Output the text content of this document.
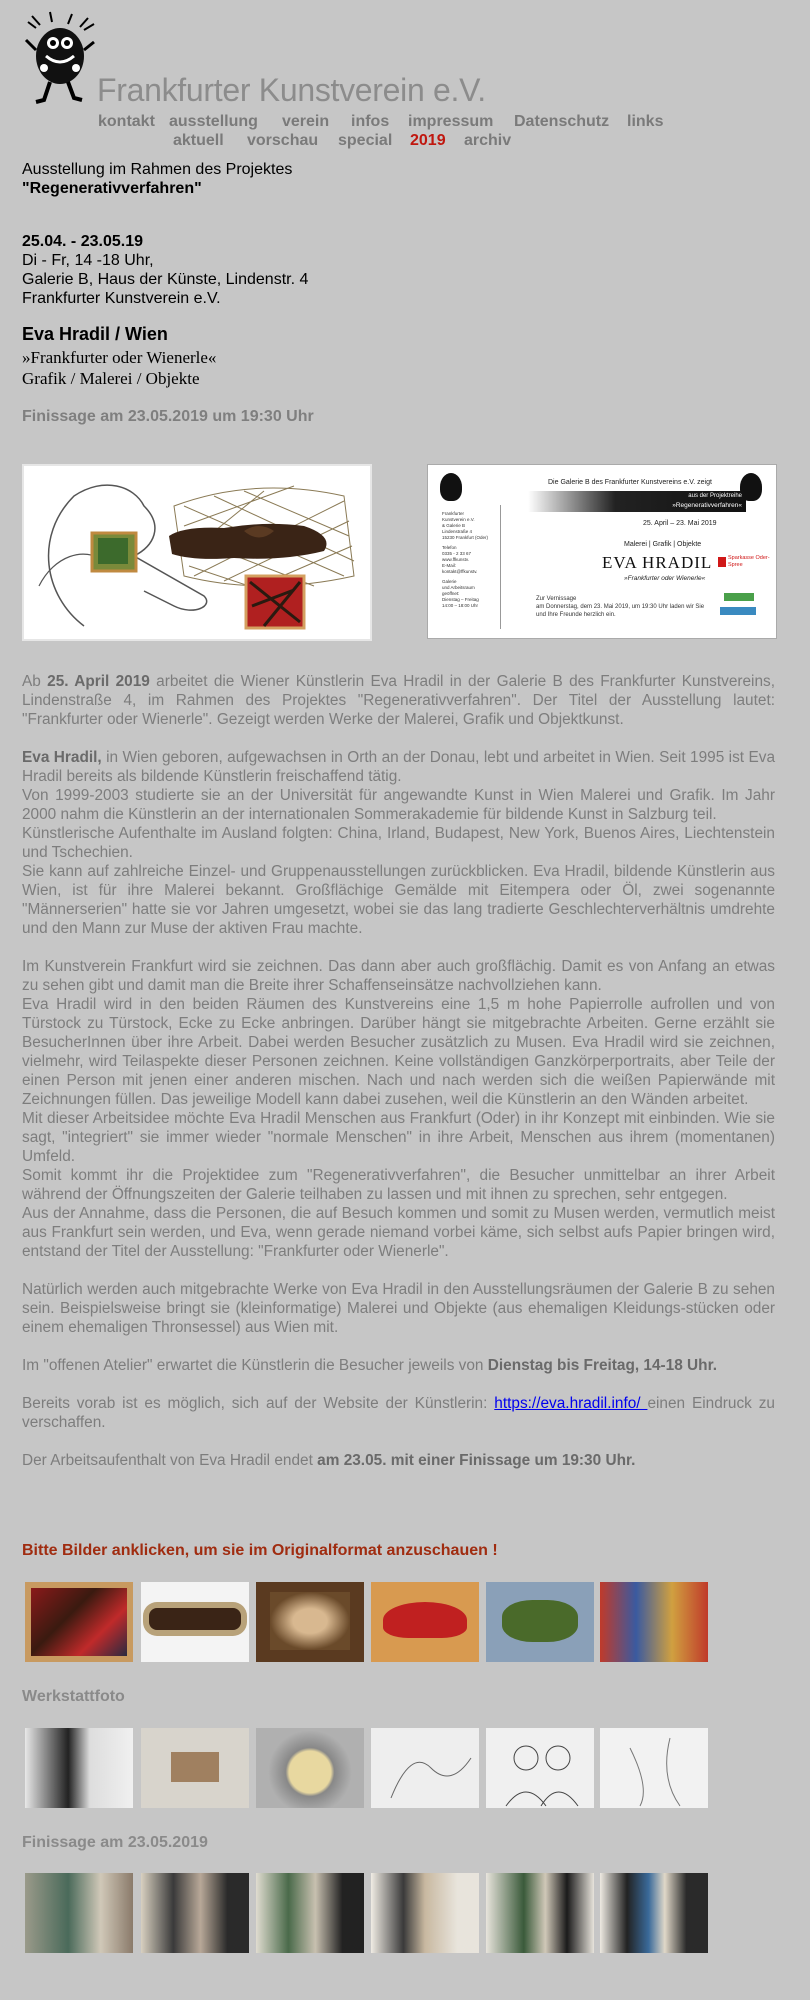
Frankfurter Kunstverein e.V.
kontakt ausstellung verein infos impressum Datenschutz links
aktuell vorschau special 2019 archiv
Ausstellung im Rahmen des Projektes
"Regenerativverfahren"
25.04. - 23.05.19
Di - Fr, 14 -18 Uhr,
Galerie B, Haus der Künste, Lindenstr. 4
Frankfurter Kunstverein e.V.
Eva Hradil / Wien
»Frankfurter oder Wienerle«
Grafik / Malerei / Objekte
Finissage am 23.05.2019 um 19:30 Uhr
Die Galerie B des Frankfurter Kunstvereins e.V. zeigt
aus der Projektreihe
»Regenerativverfahren«
25. April – 23. Mai 2019
Malerei | Grafik | Objekte
EVA HRADIL
»Frankfurter oder Wienerle«
Frankfurter
Kunstverein e.V.
& Galerie B
Lindenstraße 4
15230 Frankfurt (Oder)
Telefon
0335 - 2 33 67
www.ffkunstv.
E-Mail:
kontakt@ffkunstv.
Galerie
und Arbeitsraum
geöffnet:
Dienstag – Freitag
14:00 – 18:00 Uhr
Zur Vernissage
am Donnerstag, dem 23. Mai 2019, um 19:30 Uhr laden wir Sie
und Ihre Freunde herzlich ein.
Sparkasse Oder-Spree

Ab 25. April 2019 arbeitet die Wiener Künstlerin Eva Hradil in der Galerie B des Frankfurter Kunstvereins, Lindenstraße 4, im Rahmen des Projektes "Regenerativverfahren". Der Titel der Ausstellung lautet: "Frankfurter oder Wienerle". Gezeigt werden Werke der Malerei, Grafik und Objektkunst.

Eva Hradil, in Wien geboren, aufgewachsen in Orth an der Donau, lebt und arbeitet in Wien. Seit 1995 ist Eva Hradil bereits als bildende Künstlerin freischaffend tätig.

Von 1999-2003 studierte sie an der Universität für angewandte Kunst in Wien Malerei und Grafik. Im Jahr 2000 nahm die Künstlerin an der internationalen Sommerakademie für bildende Kunst in Salzburg teil.

Künstlerische Aufenthalte im Ausland folgten: China, Irland, Budapest, New York, Buenos Aires, Liechtenstein und Tschechien.

Sie kann auf zahlreiche Einzel- und Gruppenausstellungen zurückblicken. Eva Hradil, bildende Künstlerin aus Wien, ist für ihre Malerei bekannt. Großflächige Gemälde mit Eitempera oder Öl, zwei sogenannte "Männerserien" hatte sie vor Jahren umgesetzt, wobei sie das lang tradierte Geschlechterverhältnis umdrehte und den Mann zur Muse der aktiven Frau machte.

Im Kunstverein Frankfurt wird sie zeichnen. Das dann aber auch großflächig. Damit es von Anfang an etwas zu sehen gibt und damit man die Breite ihrer Schaffenseinsätze nachvollziehen kann.

Eva Hradil wird in den beiden Räumen des Kunstvereins eine 1,5 m hohe Papierrolle aufrollen und von Türstock zu Türstock, Ecke zu Ecke anbringen. Darüber hängt sie mitgebrachte Arbeiten. Gerne erzählt sie BesucherInnen über ihre Arbeit. Dabei werden Besucher zusätzlich zu Musen. Eva Hradil wird sie zeichnen, vielmehr, wird Teilaspekte dieser Personen zeichnen. Keine vollständigen Ganzkörperportraits, aber Teile der einen Person mit jenen einer anderen mischen. Nach und nach werden sich die weißen Papierwände mit Zeichnungen füllen. Das jeweilige Modell kann dabei zusehen, weil die Künstlerin an den Wänden arbeitet.

Mit dieser Arbeitsidee möchte Eva Hradil Menschen aus Frankfurt (Oder) in ihr Konzept mit einbinden. Wie sie sagt, "integriert" sie immer wieder "normale Menschen" in ihre Arbeit, Menschen aus ihrem (momentanen) Umfeld.

Somit kommt ihr die Projektidee zum "Regenerativverfahren", die Besucher unmittelbar an ihrer Arbeit während der Öffnungszeiten der Galerie teilhaben zu lassen und mit ihnen zu sprechen, sehr entgegen.

Aus der Annahme, dass die Personen, die auf Besuch kommen und somit zu Musen werden, vermutlich meist aus Frankfurt sein werden, und Eva, wenn gerade niemand vorbei käme, sich selbst aufs Papier bringen wird, entstand der Titel der Ausstellung: "Frankfurter oder Wienerle".

Natürlich werden auch mitgebrachte Werke von Eva Hradil in den Ausstellungsräumen der Galerie B zu sehen sein. Beispielsweise bringt sie (kleinformatige) Malerei und Objekte (aus ehemaligen Kleidungs-stücken oder einem ehemaligen Thronsessel) aus Wien mit.

Im "offenen Atelier" erwartet die Künstlerin die Besucher jeweils von Dienstag bis Freitag, 14-18 Uhr.

Bereits vorab ist es möglich, sich auf der Website der Künstlerin: https://eva.hradil.info/ einen Eindruck zu verschaffen.

Der Arbeitsaufenthalt von Eva Hradil endet am 23.05. mit einer Finissage um 19:30 Uhr.

Bitte Bilder anklicken, um sie im Originalformat anzuschauen !
Werkstattfoto
Finissage am 23.05.2019
